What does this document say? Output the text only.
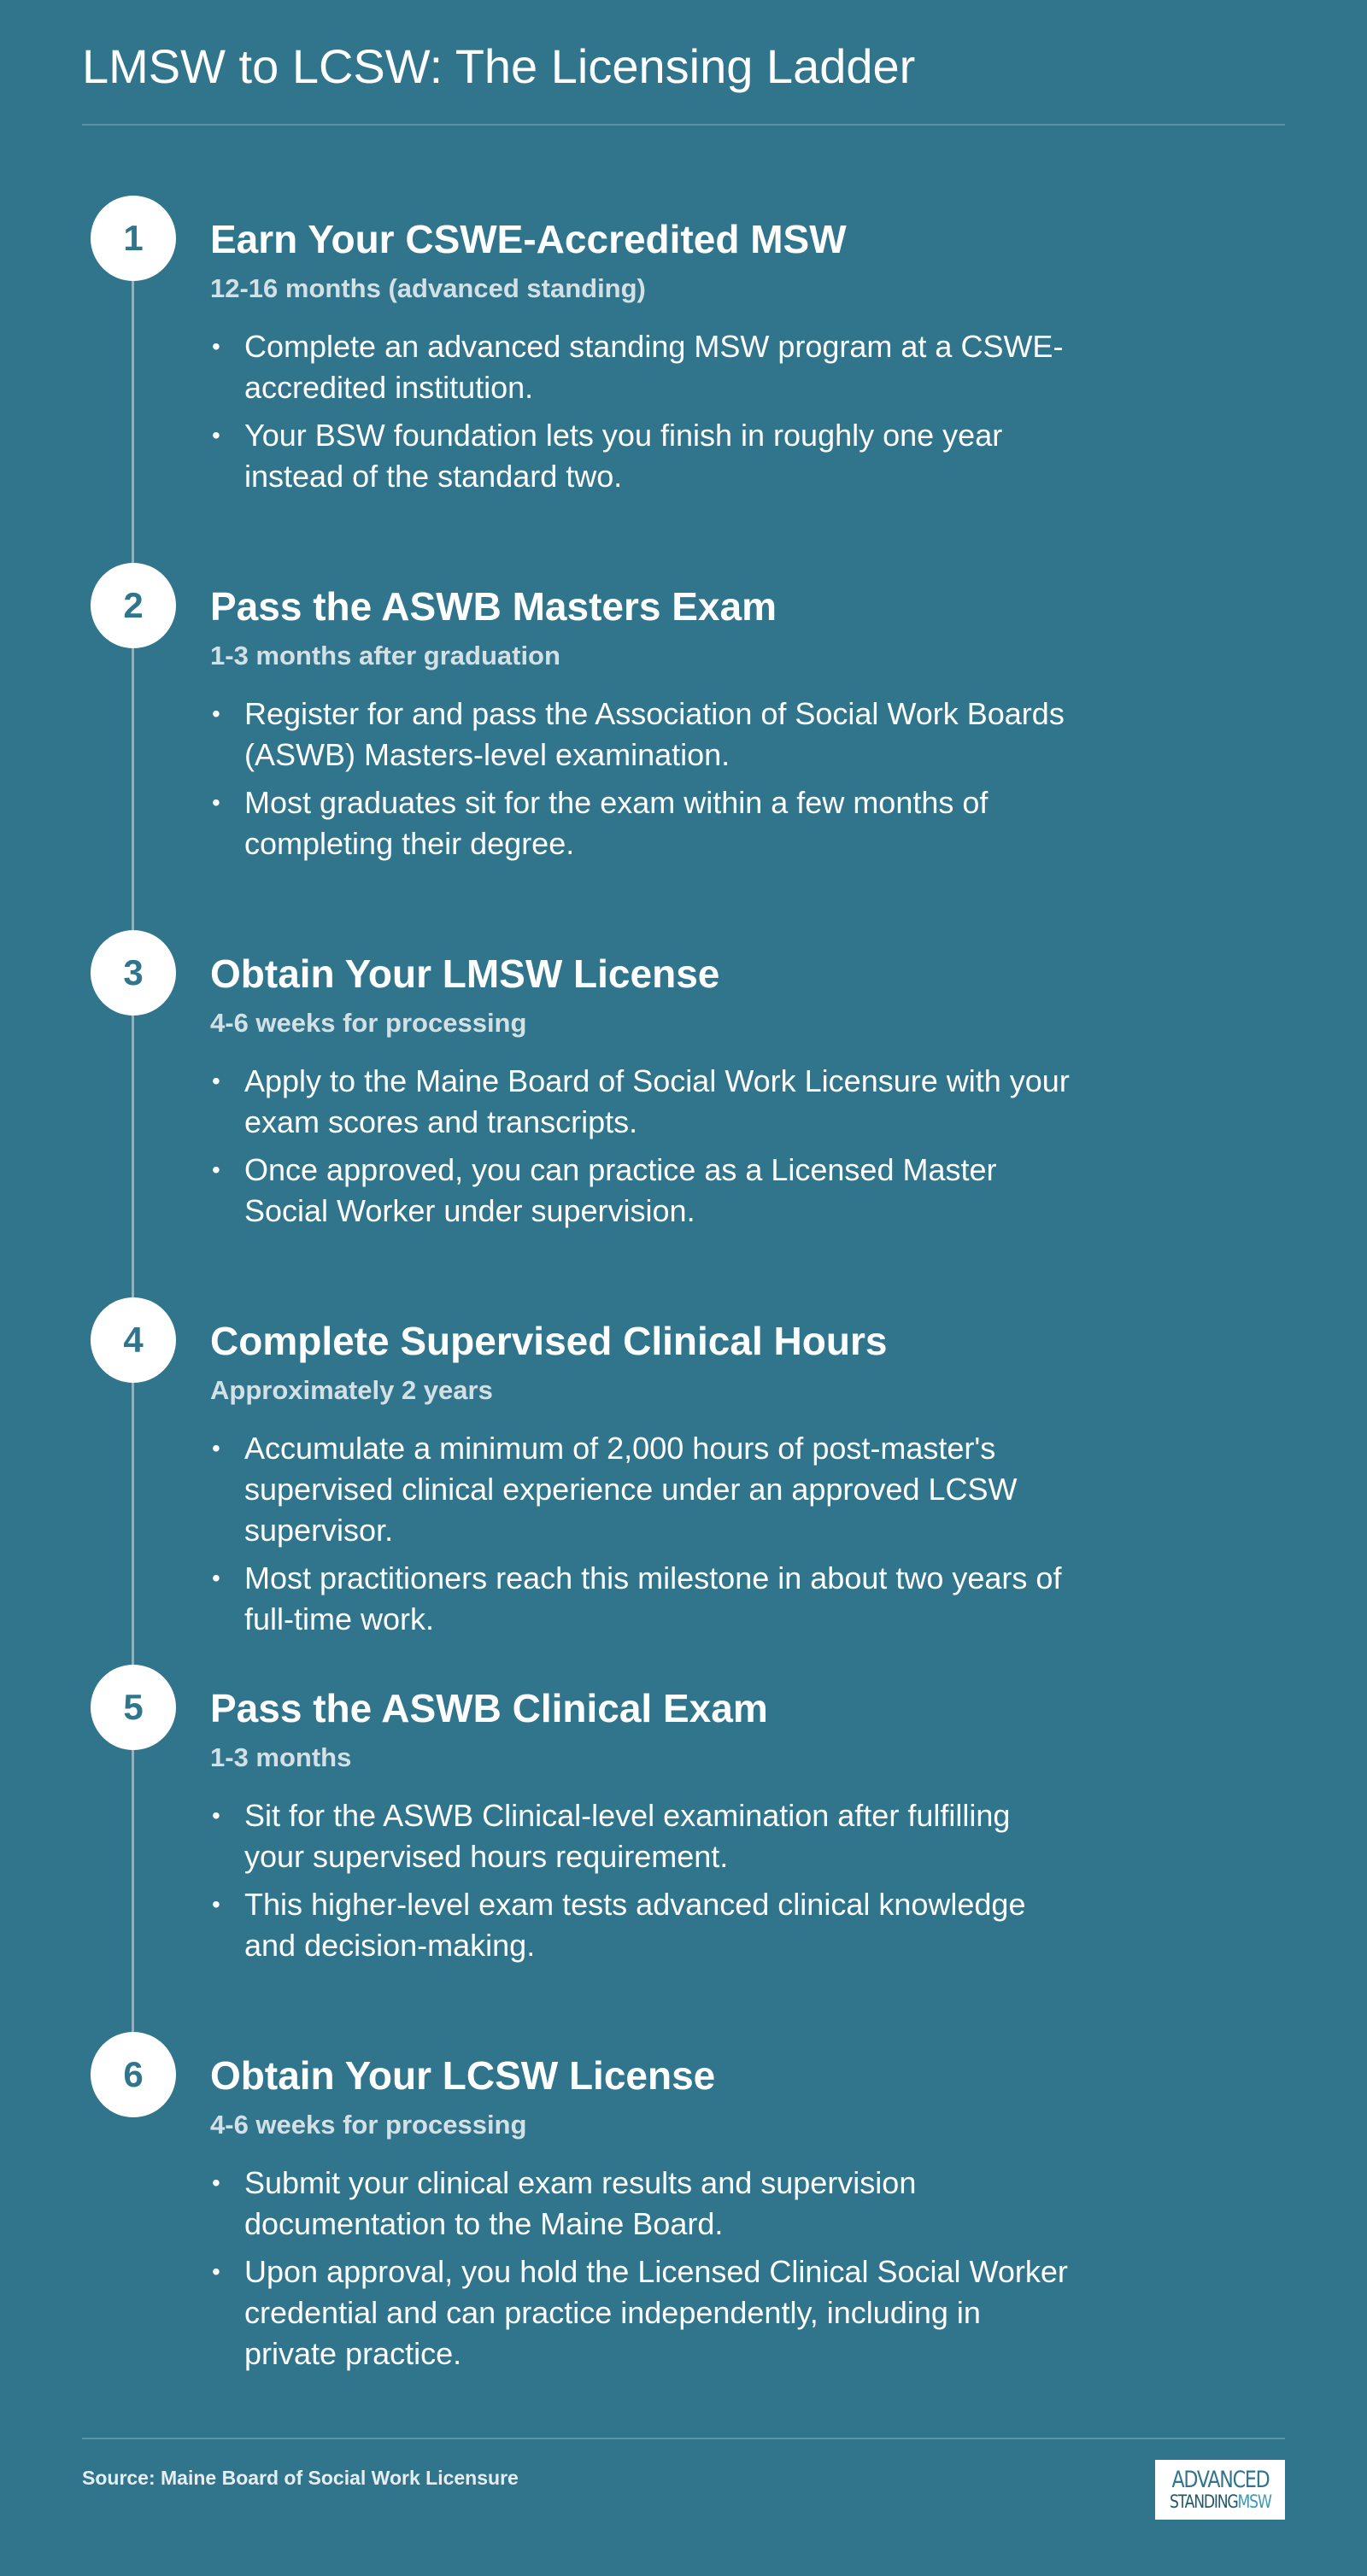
LMSW to LCSW: The Licensing Ladder
1	Earn Your CSWE-Accredited MSW
12-16 months (advanced standing)
• Complete an advanced standing MSW program at a CSWE-accredited institution.
• Your BSW foundation lets you finish in roughly one year instead of the standard two.
2	Pass the ASWB Masters Exam
1-3 months after graduation
• Register for and pass the Association of Social Work Boards (ASWB) Masters-level examination.
• Most graduates sit for the exam within a few months of completing their degree.
3	Obtain Your LMSW License
4-6 weeks for processing
• Apply to the Maine Board of Social Work Licensure with your exam scores and transcripts.
• Once approved, you can practice as a Licensed Master Social Worker under supervision.
4	Complete Supervised Clinical Hours
Approximately 2 years
• Accumulate a minimum of 2,000 hours of post-master's supervised clinical experience under an approved LCSW supervisor.
• Most practitioners reach this milestone in about two years of full-time work.
5	Pass the ASWB Clinical Exam
1-3 months
• Sit for the ASWB Clinical-level examination after fulfilling your supervised hours requirement.
• This higher-level exam tests advanced clinical knowledge and decision-making.
6	Obtain Your LCSW License
4-6 weeks for processing
• Submit your clinical exam results and supervision documentation to the Maine Board.
• Upon approval, you hold the Licensed Clinical Social Worker credential and can practice independently, including in private practice.
Source: Maine Board of Social Work Licensure	ADVANCED
STANDINGMSW
